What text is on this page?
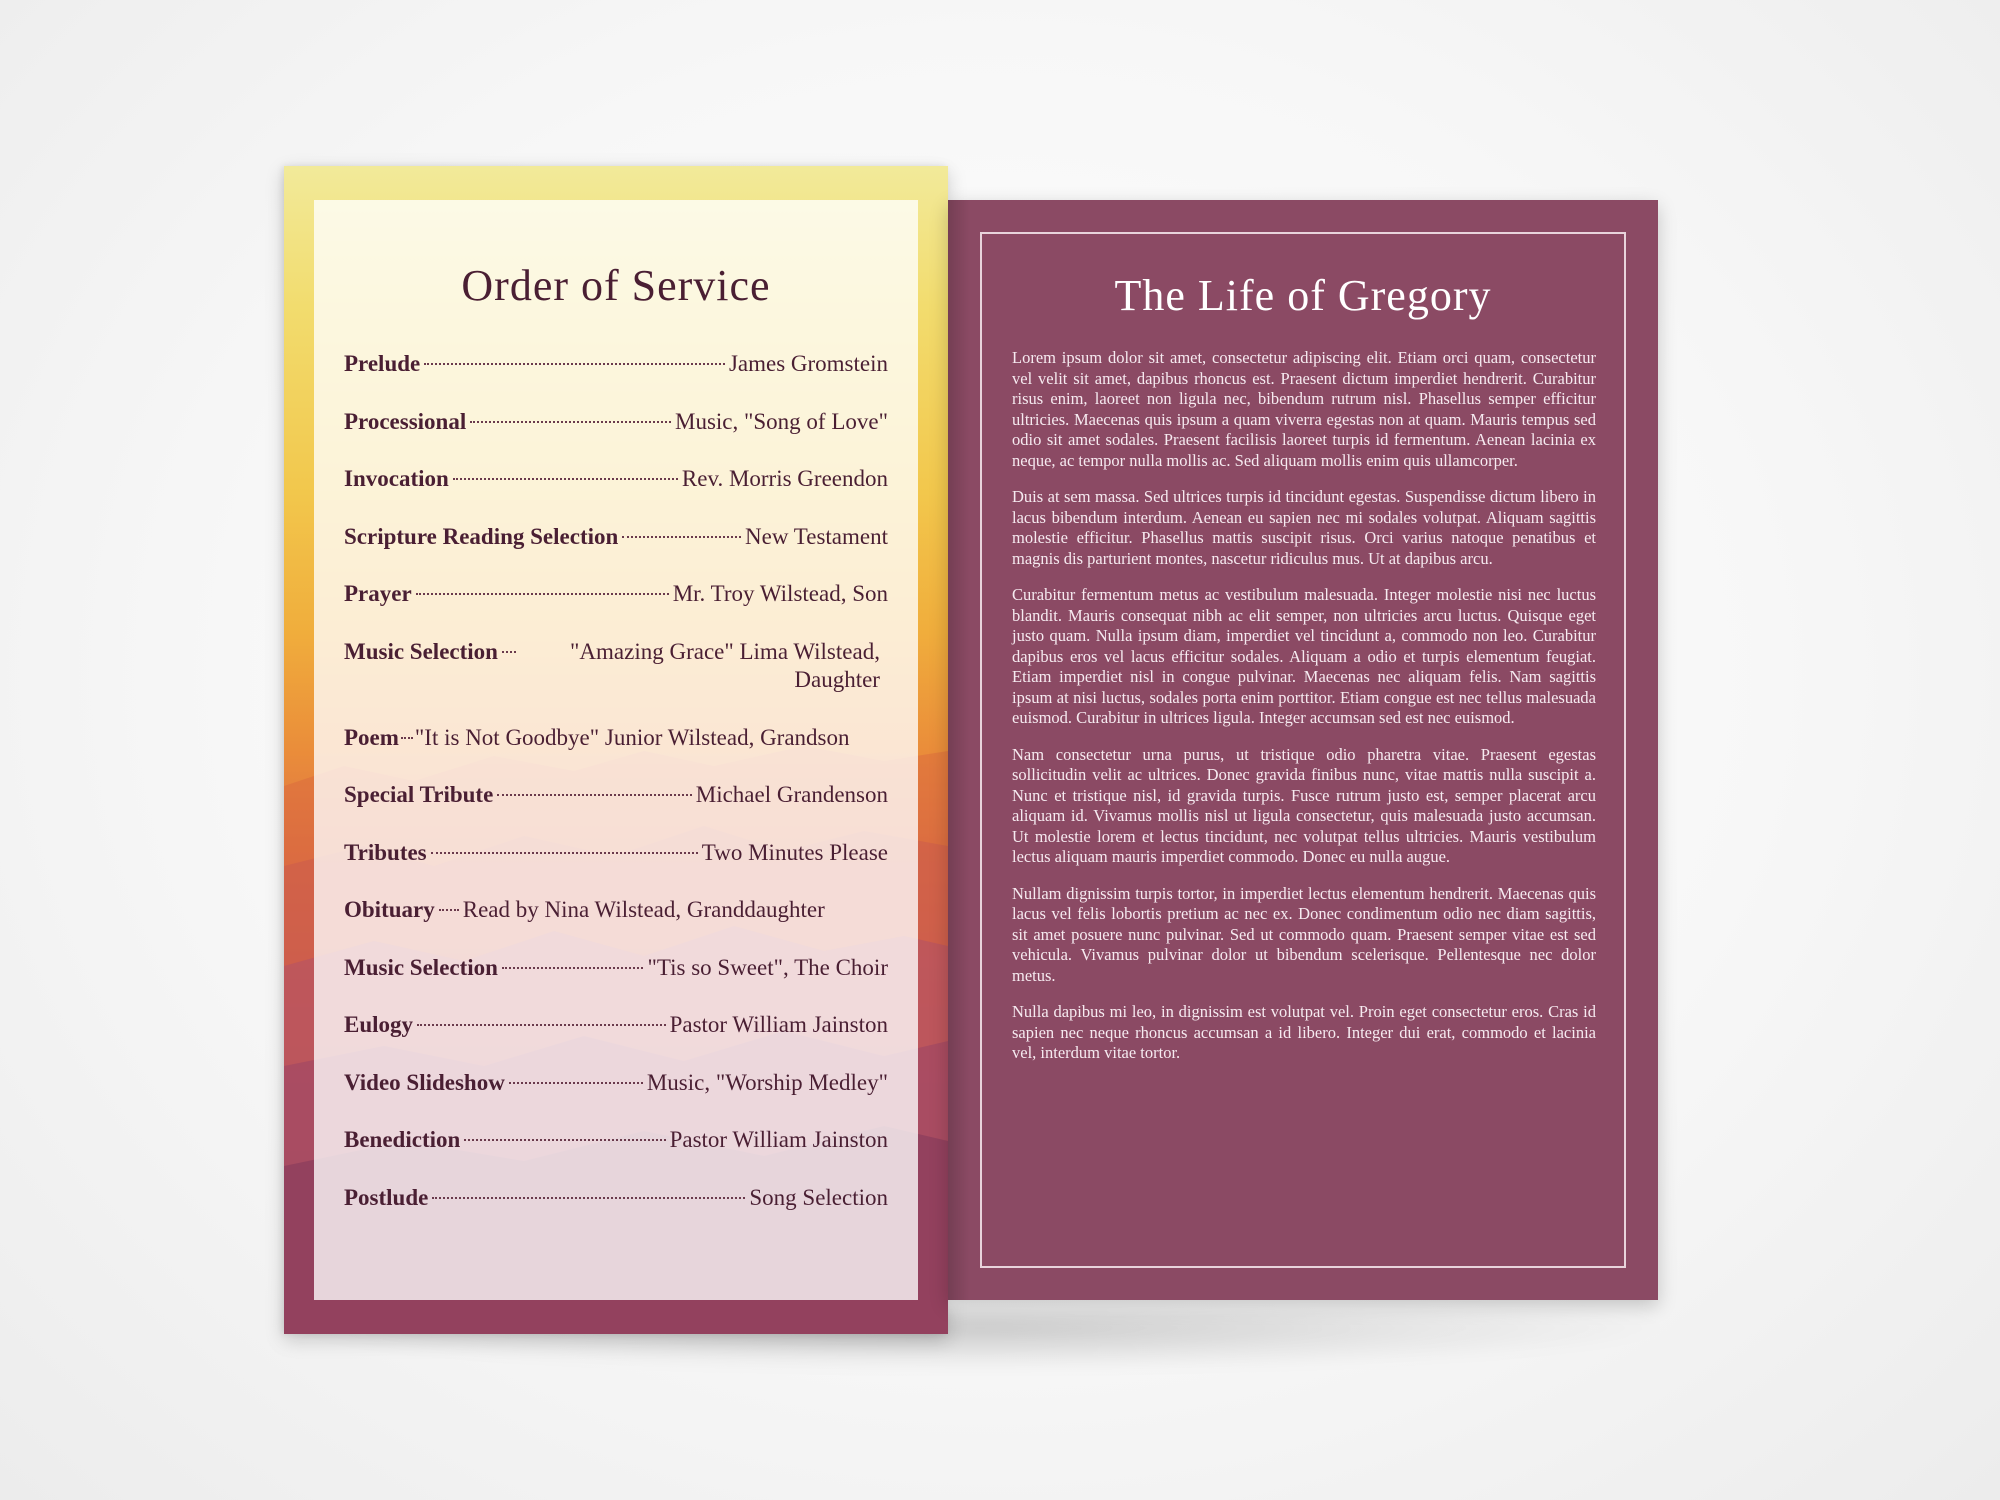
Order of Service
Prelude	James Gromstein
Processional	Music, "Song of Love"
Invocation	Rev. Morris Greendon
Scripture Reading Selection	New Testament
Prayer	Mr. Troy Wilstead, Son
Music Selection	"Amazing Grace" Lima Wilstead, Daughter
Poem "It is Not Goodbye" Junior Wilstead, Grandson
Special Tribute	Michael Grandenson
Tributes	Two Minutes Please
Obituary Read by Nina Wilstead, Granddaughter
Music Selection	"Tis so Sweet", The Choir
Eulogy	Pastor William Jainston
Video Slideshow	Music, "Worship Medley"
Benediction	Pastor William Jainston
Postlude	Song Selection
The Life of Gregory

Lorem ipsum dolor sit amet, consectetur adipiscing elit. Etiam orci quam, consectetur vel velit sit amet, dapibus rhoncus est. Praesent dictum imperdiet hendrerit. Curabitur risus enim, laoreet non ligula nec, bibendum rutrum nisl. Phasellus semper efficitur ultricies. Maecenas quis ipsum a quam viverra egestas non at quam. Mauris tempus sed odio sit amet sodales. Praesent facilisis laoreet turpis id fermentum. Aenean lacinia ex neque, ac tempor nulla mollis ac. Sed aliquam mollis enim quis ullamcorper.

Duis at sem massa. Sed ultrices turpis id tincidunt egestas. Suspendisse dictum libero in lacus bibendum interdum. Aenean eu sapien nec mi sodales volutpat. Aliquam sagittis molestie efficitur. Phasellus mattis suscipit risus. Orci varius natoque penatibus et magnis dis parturient montes, nascetur ridiculus mus. Ut at dapibus arcu.

Curabitur fermentum metus ac vestibulum malesuada. Integer molestie nisi nec luctus blandit. Mauris consequat nibh ac elit semper, non ultricies arcu luctus. Quisque eget justo quam. Nulla ipsum diam, imperdiet vel tincidunt a, commodo non leo. Curabitur dapibus eros vel lacus efficitur sodales. Aliquam a odio et turpis elementum feugiat. Etiam imperdiet nisl in congue pulvinar. Maecenas nec aliquam felis. Nam sagittis ipsum at nisi luctus, sodales porta enim porttitor. Etiam congue est nec tellus malesuada euismod. Curabitur in ultrices ligula. Integer accumsan sed est nec euismod.

Nam consectetur urna purus, ut tristique odio pharetra vitae. Praesent egestas sollicitudin velit ac ultrices. Donec gravida finibus nunc, vitae mattis nulla suscipit a. Nunc et tristique nisl, id gravida turpis. Fusce rutrum justo est, semper placerat arcu aliquam id. Vivamus mollis nisl ut ligula consectetur, quis malesuada justo accumsan. Ut molestie lorem et lectus tincidunt, nec volutpat tellus ultricies. Mauris vestibulum lectus aliquam mauris imperdiet commodo. Donec eu nulla augue.

Nullam dignissim turpis tortor, in imperdiet lectus elementum hendrerit. Maecenas quis lacus vel felis lobortis pretium ac nec ex. Donec condimentum odio nec diam sagittis, sit amet posuere nunc pulvinar. Sed ut commodo quam. Praesent semper vitae est sed vehicula. Vivamus pulvinar dolor ut bibendum scelerisque. Pellentesque nec dolor metus.

Nulla dapibus mi leo, in dignissim est volutpat vel. Proin eget consectetur eros. Cras id sapien nec neque rhoncus accumsan a id libero. Integer dui erat, commodo et lacinia vel, interdum vitae tortor.
